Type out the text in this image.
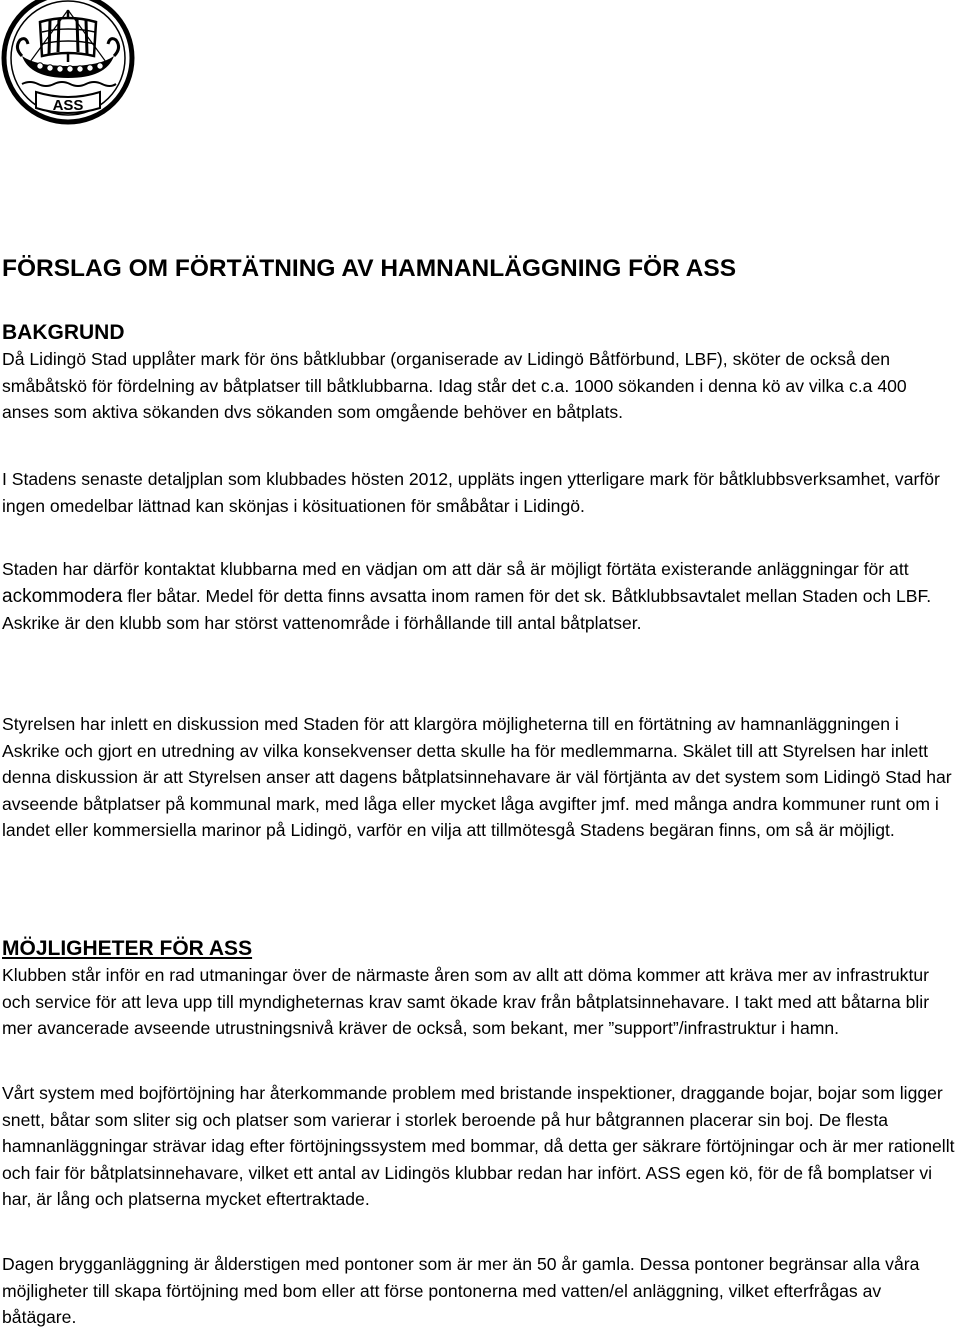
ASS
FÖRSLAG OM FÖRTÄTNING AV HAMNANLÄGGNING FÖR ASS
BAKGRUND

Då Lidingö Stad upplåter mark för öns båtklubbar (organiserade av Lidingö Båtförbund, LBF), sköter de också den småbåtskö för fördelning av båtplatser till båtklubbarna. Idag står det c.a. 1000 sökanden i denna kö av vilka c.a 400 anses som aktiva sökanden dvs sökanden som omgående behöver en båtplats.

I Stadens senaste detaljplan som klubbades hösten 2012, uppläts ingen ytterligare mark för båtklubbsverksamhet, varför ingen omedelbar lättnad kan skönjas i kösituationen för småbåtar i Lidingö.

Staden har därför kontaktat klubbarna med en vädjan om att där så är möjligt förtäta existerande anläggningar för att ackommodera fler båtar. Medel för detta finns avsatta inom ramen för det sk. Båtklubbsavtalet mellan Staden och LBF. Askrike är den klubb som har störst vattenområde i förhållande till antal båtplatser.

Styrelsen har inlett en diskussion med Staden för att klargöra möjligheterna till en förtätning av hamnanläggningen i Askrike och gjort en utredning av vilka konsekvenser detta skulle ha för medlemmarna. Skälet till att Styrelsen har inlett denna diskussion är att Styrelsen anser att dagens båtplatsinnehavare är väl förtjänta av det system som Lidingö Stad har avseende båtplatser på kommunal mark, med låga eller mycket låga avgifter jmf. med många andra kommuner runt om i landet eller kommersiella marinor på Lidingö, varför en vilja att tillmötesgå Stadens begäran finns, om så är möjligt.

MÖJLIGHETER FÖR ASS

Klubben står inför en rad utmaningar över de närmaste åren som av allt att döma kommer att kräva mer av infrastruktur och service för att leva upp till myndigheternas krav samt ökade krav från båtplatsinnehavare. I takt med att båtarna blir mer avancerade avseende utrustningsnivå kräver de också, som bekant, mer ”support”/infrastruktur i hamn.

Vårt system med bojförtöjning har återkommande problem med bristande inspektioner, draggande bojar, bojar som ligger snett, båtar som sliter sig och platser som varierar i storlek beroende på hur båtgrannen placerar sin boj. De flesta hamnanläggningar strävar idag efter förtöjningssystem med bommar, då detta ger säkrare förtöjningar och är mer rationellt och fair för båtplatsinnehavare, vilket ett antal av Lidingös klubbar redan har infört. ASS egen kö, för de få bomplatser vi har, är lång och platserna mycket eftertraktade.

Dagen brygganläggning är ålderstigen med pontoner som är mer än 50 år gamla. Dessa pontoner begränsar alla våra möjligheter till skapa förtöjning med bom eller att förse pontonerna med vatten/el anläggning, vilket efterfrågas av båtägare.
